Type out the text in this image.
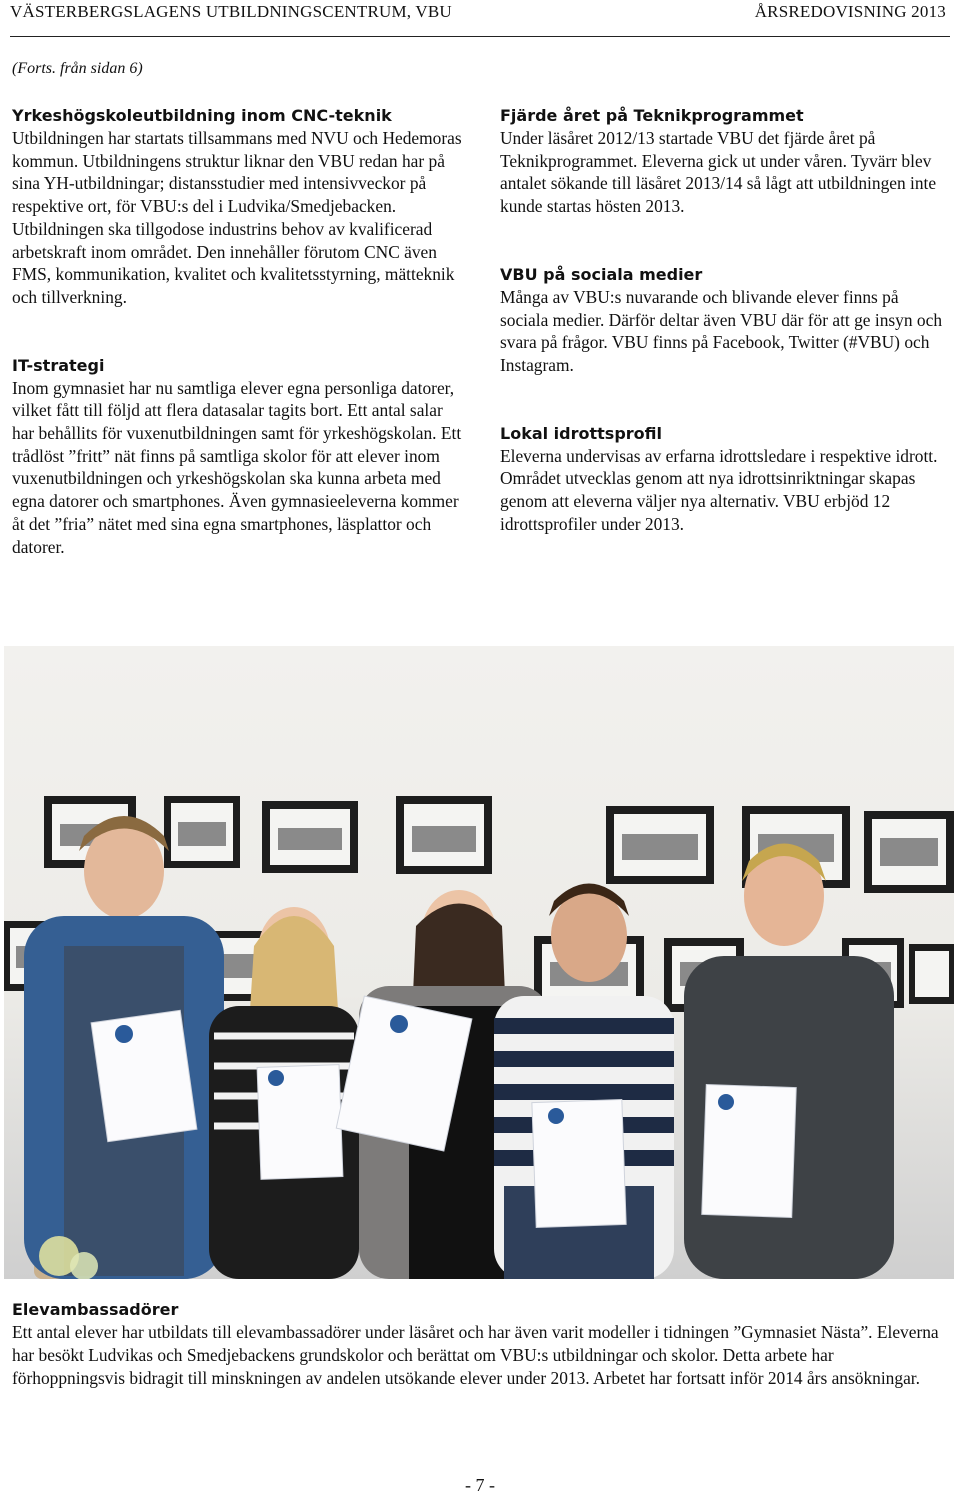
VÄSTERBERGSLAGENS UTBILDNINGSCENTRUM, VBU	ÅRSREDOVISNING 2013
(Forts. från sidan 6)
Yrkeshögskoleutbildning inom CNC-teknik

Utbildningen har startats tillsammans med NVU och Hedemoras kommun. Utbildningens struktur liknar den VBU redan har på sina YH-utbildningar; distansstudier med intensivveckor på respektive ort, för VBU:s del i Ludvika/Smedjebacken. Utbildningen ska tillgodose industrins behov av kvalificerad arbetskraft inom området. Den innehåller förutom CNC även FMS, kommunikation, kvalitet och kvalitetsstyrning, mätteknik och tillverkning.

IT-strategi

Inom gymnasiet har nu samtliga elever egna personliga datorer, vilket fått till följd att flera datasalar tagits bort. Ett antal salar har behållits för vuxenutbildningen samt för yrkeshögskolan. Ett trådlöst ”fritt” nät finns på samtliga skolor för att elever inom vuxenutbildningen och yrkeshögskolan ska kunna arbeta med egna datorer och smartphones. Även gymnasieeleverna kommer åt det ”fria” nätet med sina egna smartphones, läsplattor och datorer.

Fjärde året på Teknikprogrammet

Under läsåret 2012/13 startade VBU det fjärde året på Teknikprogrammet. Eleverna gick ut under våren. Tyvärr blev antalet sökande till läsåret 2013/14 så lågt att utbildningen inte kunde startas hösten 2013.

VBU på sociala medier

Många av VBU:s nuvarande och blivande elever finns på sociala medier. Därför deltar även VBU där för att ge insyn och svara på frågor. VBU finns på Facebook, Twitter (#VBU) och Instagram.

Lokal idrottsprofil

Eleverna undervisas av erfarna idrottsledare i respektive idrott. Området utvecklas genom att nya idrottsinriktningar skapas genom att eleverna väljer nya alternativ. VBU erbjöd 12 idrottsprofiler under 2013.

Elevambassadörer

Ett antal elever har utbildats till elevambassadörer under läsåret och har även varit modeller i tidningen ”Gymnasiet Nästa”. Eleverna har besökt Ludvikas och Smedjebackens grundskolor och berättat om VBU:s utbildningar och skolor. Detta arbete har förhoppningsvis bidragit till minskningen av andelen utsökande elever under 2013. Arbetet har fortsatt inför 2014 års ansökningar.

- 7 -
